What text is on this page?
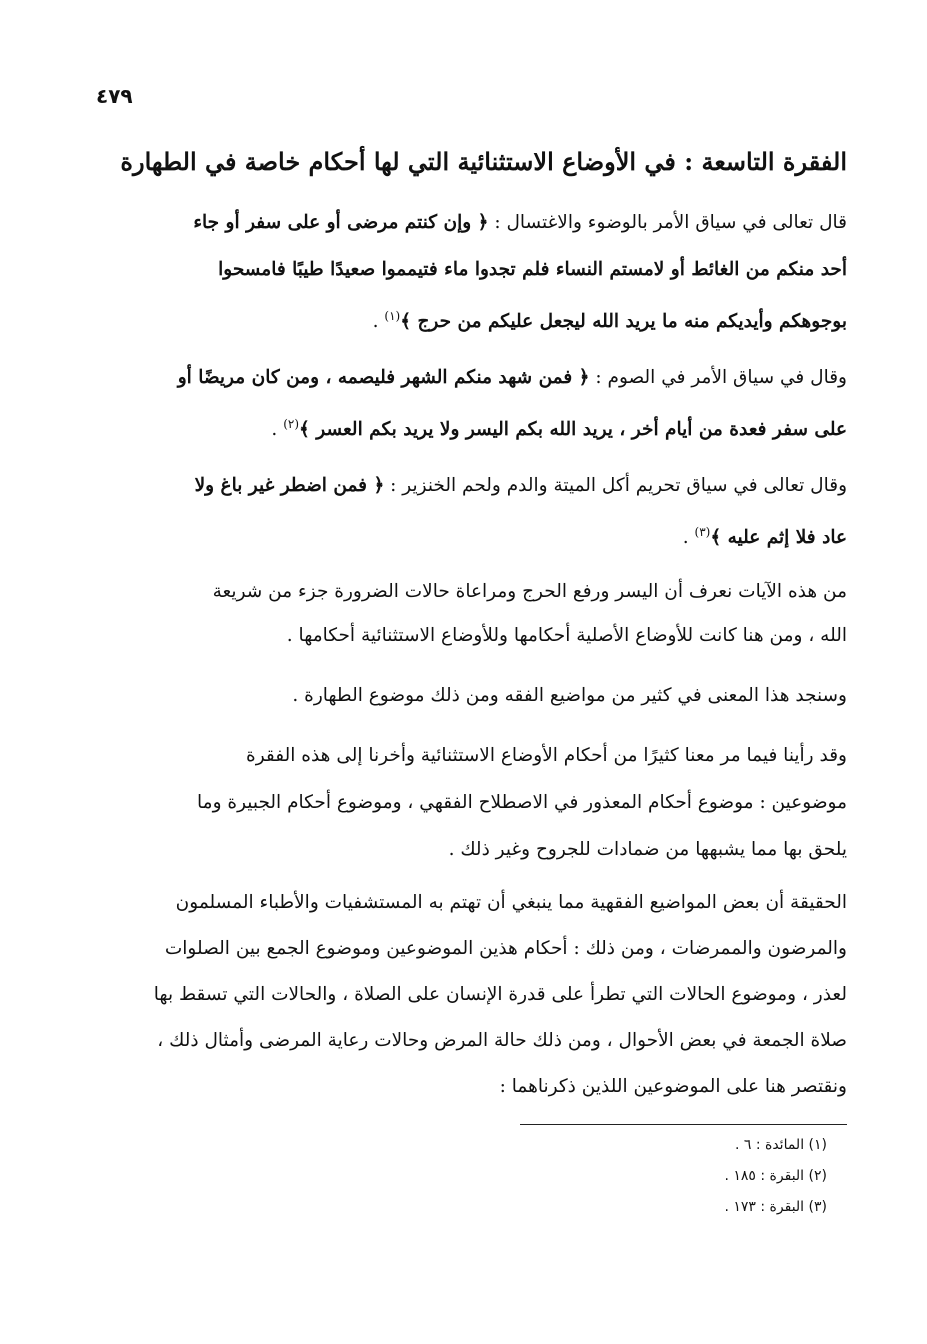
٤٧٩
الفقرة التاسعة : في الأوضاع الاستثنائية التي لها أحكام خاصة في الطهارة
قال تعالى في سياق الأمر بالوضوء والاغتسال : ﴿ وإن كنتم مرضى أو على سفر أو جاء
أحد منكم من الغائط أو لامستم النساء فلم تجدوا ماء فتيمموا صعيدًا طيبًا فامسحوا
بوجوهكم وأيديكم منه ما يريد الله ليجعل عليكم من حرج ﴾$^{(١)}$ .
وقال في سياق الأمر في الصوم : ﴿ فمن شهد منكم الشهر فليصمه ، ومن كان مريضًا أو
على سفر فعدة من أيام أخر ، يريد الله بكم اليسر ولا يريد بكم العسر ﴾$^{(٢)}$ .
وقال تعالى في سياق تحريم أكل الميتة والدم ولحم الخنزير : ﴿ فمن اضطر غير باغ ولا
عاد فلا إثم عليه ﴾$^{(٣)}$ .
من هذه الآيات نعرف أن اليسر ورفع الحرج ومراعاة حالات الضرورة جزء من شريعة
الله ، ومن هنا كانت للأوضاع الأصلية أحكامها وللأوضاع الاستثنائية أحكامها .
وسنجد هذا المعنى في كثير من مواضيع الفقه ومن ذلك موضوع الطهارة .
وقد رأينا فيما مر معنا كثيرًا من أحكام الأوضاع الاستثنائية وأخرنا إلى هذه الفقرة
موضوعين : موضوع أحكام المعذور في الاصطلاح الفقهي ، وموضوع أحكام الجبيرة وما
يلحق بها مما يشبهها من ضمادات للجروح وغير ذلك .
الحقيقة أن بعض المواضيع الفقهية مما ينبغي أن تهتم به المستشفيات والأطباء المسلمون
والمرضون والممرضات ، ومن ذلك : أحكام هذين الموضوعين وموضوع الجمع بين الصلوات
لعذر ، وموضوع الحالات التي تطرأ على قدرة الإنسان على الصلاة ، والحالات التي تسقط بها
صلاة الجمعة في بعض الأحوال ، ومن ذلك حالة المرض وحالات رعاية المرضى وأمثال ذلك ،
ونقتصر هنا على الموضوعين اللذين ذكرناهما :
(١) المائدة : ٦ .
(٢) البقرة : ١٨٥ .
(٣) البقرة : ١٧٣ .
